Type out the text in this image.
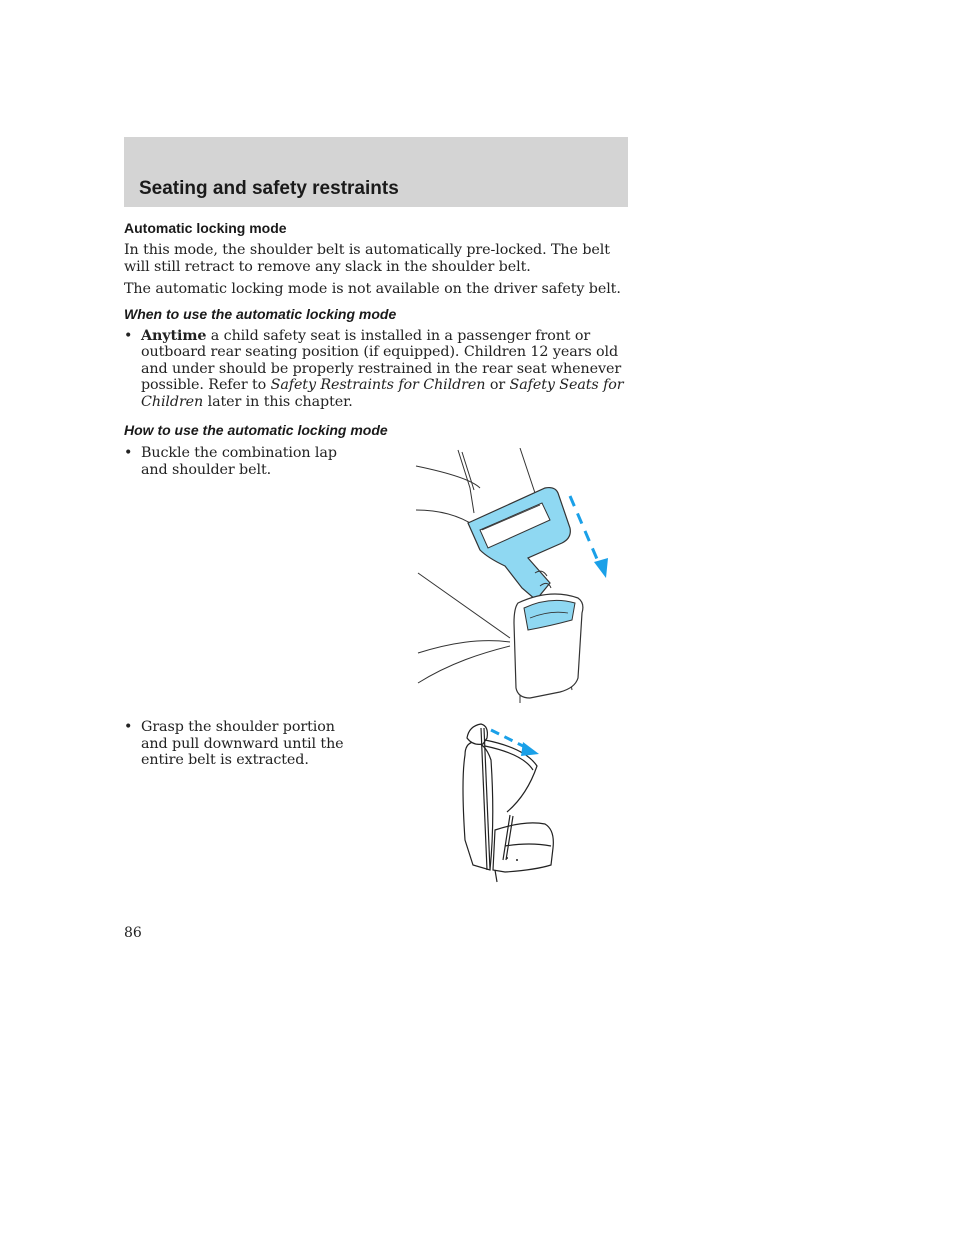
Seating and safety restraints
Automatic locking mode

In this mode, the shoulder belt is automatically pre-locked. The belt will still retract to remove any slack in the shoulder belt.

The automatic locking mode is not available on the driver safety belt.

When to use the automatic locking mode

• Anytime a child safety seat is installed in a passenger front or outboard rear seating position (if equipped). Children 12 years old and under should be properly restrained in the rear seat whenever possible. Refer to Safety Restraints for Children or Safety Seats for Children later in this chapter.

How to use the automatic locking mode

• Buckle the combination lap and shoulder belt.

• Grasp the shoulder portion and pull downward until the entire belt is extracted.

86
